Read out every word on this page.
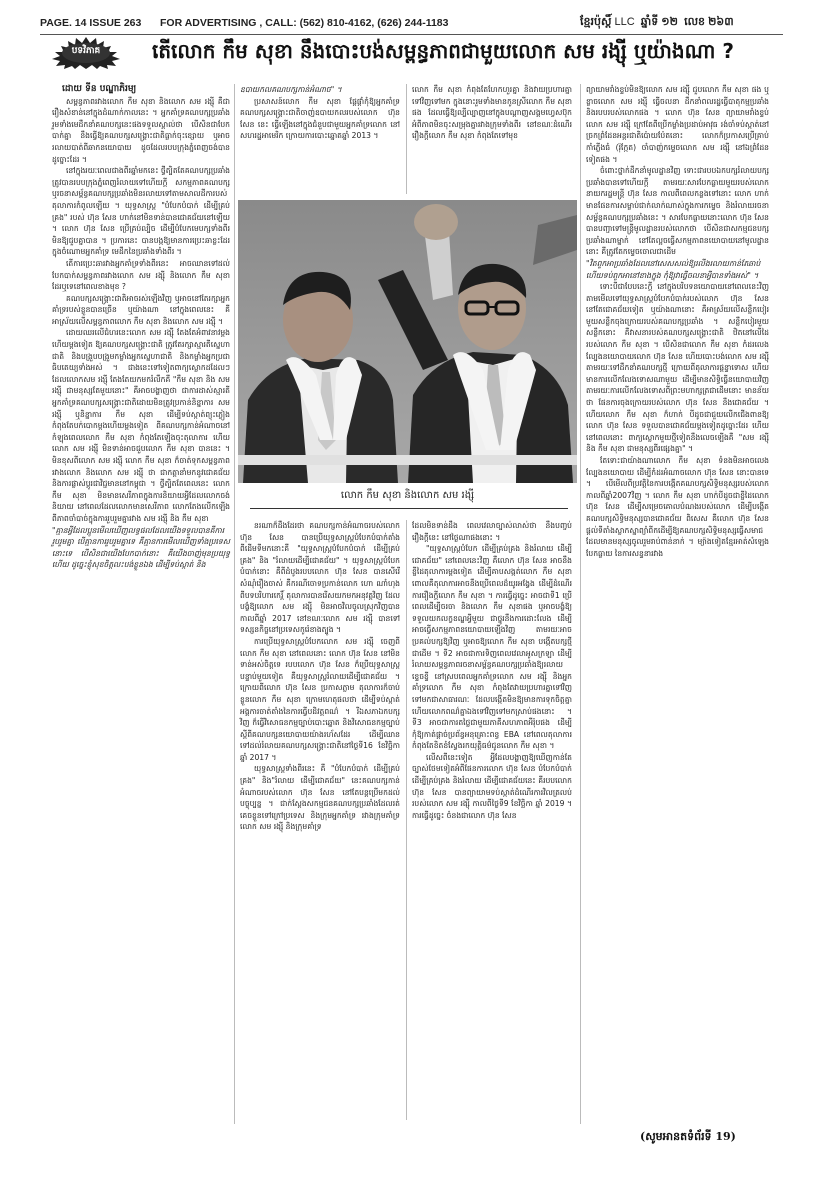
PAGE. 14 ISSUE 263	FOR ADVERTISING , CALL: (562) 810-4162, (626) 244-1183	ខ្មែរប៉ុស្តិ៍ LLC ឆ្នាំទី ១២ លេខ ២៦៣
បទវិភាគ	តើលោក កឹម សុខា នឹងបោះបង់សម្ពន្ធភាពជាមួយលោក សម រង្ស៊ី ឬយ៉ាងណា ?

ដោយ ទីន បណ្ឌាភិរម្យ

សម្ពន្ធភាពរវាងលោក កឹម សុខា និងលោក សម រង្ស៊ី គឺជារឿងសំខាន់នៅក្នុងដំណាក់កាលនេះ ។ អ្នកគាំទ្រគណបក្សប្រឆាំង រួមទាំងមេដឹកនាំគណបក្សនេះផងទទួលស្គាល់ថា បើសិនជាបែកបាក់គ្នា នឹងធ្វើឱ្យគណបក្សសង្គ្រោះជាតិធ្លាក់ចុះខ្សោយ ឬអាចរលាយបាត់ពីឆាកនយោបាយ ដូចដែលរបបក្រុងភ្នំពេញចង់បានដូច្នោះដែរ ។

នៅក្នុងរយៈពេលជាងពីរឆ្នាំមកនេះ ថ្វីត្បិតតែគណបក្សប្រឆាំងត្រូវបានរបបក្រុងភ្នំពេញរំលាយទៅហើយក្តី សកម្មភាពគណបក្ស ឬរចនាសម្ព័ន្ធគណបក្សប្រឆាំងមិនរលាយទៅតាមសាលដីការបស់តុលាការកំពូលឡើយ ។ យុទ្ធសាស្ត្រ "បំបែកបំបាក់ ដើម្បីគ្រប់គ្រង" របស់ ហ៊ុន សែន ហាក់នៅមិនទាន់បានជោគជ័យនៅឡើយ ។ លោក ហ៊ុន សែន ប្រើគ្រប់ល្បិច ដើម្បីបំបែកមេបក្សទាំងពីរមិនឱ្យជួបគ្នាបាន ។ ប្រការនេះ បានបង្កឱ្យមានការប្រេះឆាខ្លះដែរ ក្នុងចំណោមអ្នកគាំទ្រ មេដឹកនៃប្រឆាំងទាំងពីរ ។

តើការប្រេះឆារវាងអ្នកគាំទ្រទាំងពីរនេះ អាចឈានទៅដល់បែកបាក់សម្ពន្ធភាពរវាងលោក សម រង្ស៊ី និងលោក កឹម សុខា ដែរឬទេនៅពេលខាងមុខ ?

គណបក្សសង្គ្រោះជាតិអាចរស់ឡើងវិញ ឬអាចនៅតែរក្សាអ្នកគាំទ្ររបស់ខ្លួនបានច្រើន ឬយ៉ាងណា នៅក្នុងពេលនេះ គឺអាស្រ័យលើសម្ពន្ធភាពលោក កឹម សុខា និងលោក សម រង្ស៊ី ។

ដោយឈរលើជំហរនេះលោក សម រង្ស៊ី តែងតែអំពាវនាវម្តងហើយម្តងទៀត ឱ្យគណបក្សសង្គ្រោះជាតិ ត្រូវតែរក្សាស្មារតីស្នេហាជាតិ និងបង្រួបបង្រួមកម្លាំងអ្នកស្នេហាជាតិ និងកម្លាំងអ្នកប្រជាធិបតេយ្យទាំងអស់ ។ ជាងនេះទៅទៀតពាក្យស្លោកដដែលៗ ដែលលោកសម រង្ស៊ី តែងតែយកមករំលឹកគឺ "កឹម សុខា និង សម រង្ស៊ី ជាមនុស្សតែមួយនោះ" គឺអាចបង្ហាញថា ជាការដាស់ស្មារតីអ្នកគាំទ្រគណបក្សសង្គ្រោះជាតិដោយមិនត្រូវប្រកាន់និន្នាការ សម រង្ស៊ី ឬនិន្នាការ កឹម សុខា ដើម្បីទប់ស្កាត់ព្យុះភ្លៀងកំពុងតែបក់បោកម្តងហើយម្តងទៀត ពីគណបក្សកាន់អំណាចនៅកំឡុងពេលលោក កឹម សុខា កំពុងតែឡើងចុះតុលាការ ហើយលោក សម រង្ស៊ី មិនទាន់អាចជួបលោក កឹម សុខា បាននេះ ។ មិនខុសពីលោក សម រង្ស៊ី លោក កឹម សុខា ក៏ចាត់ទុកសម្ពន្ធភាពរវាងលោក និងលោក សម រង្ស៊ី ថា ជាកត្តានាំមកនូវជោគជ័យ និងការផ្លាស់ប្តូរជាវិជ្ជមាននៅកម្ពុជា ។ ថ្វីត្បិតតែពេលនេះ លោក កឹម សុខា មិនមានសេរីភាពក្នុងការនិយាយអ្វីដែលលោកចង់និយាយ នៅពេលដែលលោកមានសេរីភាព លោកតែងលើកឡើងពីភាពចាំបាច់ក្នុងការរួបរួមគ្នារវាង សម រង្ស៊ី និង កឹម សុខា

"គ្មានអ្វីដែលប្អូនមើលឃើញលទ្ធផលដែលយើងទទួលបានគឺការរួបរួមគ្នា បើគ្មានការរួបរួមគ្នាទេ គឺគ្មានការមើលឃើញទាំងប្រទេសនោះទេ បើសិនជាយើងបែកបាក់នោះ គឺយើងចាញ់មុនប្រយុទ្ធហើយ ដូច្នេះខ្ញុំសុខចិត្តលះបង់ខ្លួនឯង ដើម្បីទប់ស្កាត់ និង

ឧបាយកលគណបក្សកាន់អំណាច" ។

ប្រសាសន៍លោក កឹម សុខា ផ្តែផ្តាំកុំឱ្យអ្នកគាំទ្រគណបក្សសង្គ្រោះជាតិចាញ់ឧបាយកលរបស់លោក ហ៊ុន សែន នេះ ធ្វើឡើងនៅក្នុងជំនួបជាមួយអ្នកគាំទ្រលោក នៅសហរដ្ឋអាមេរិក ក្រោយការបោះឆ្នោតឆ្នាំ 2013 ។

លោក កឹម សុខា កំពុងតែហែកហួរគ្នា និងវាយប្រហារគ្នាទៅវិញទៅមក ក្នុងនោះរួមទាំងមានកូនស្រីលោក កឹម សុខា ផង ដែលធ្វើឱ្យល្បីល្បាញនៅក្នុងបណ្តាញសង្គមហ្វេសប៊ុកអំពីភាពមិនចុះសម្រុងគ្នារវាងក្រុមទាំងពីរ នៅខណៈដំណើររឿងក្តីលោក កឹម សុខា កំពុងតែទៅមុខ

លោក កឹម សុខា និងលោក សម រង្ស៊ី

នរណាក៏ដឹងដែរថា គណបក្សកាន់អំណាចរបស់លោក ហ៊ុន សែន បានប្រើយុទ្ធសាស្ត្របំបែកបំបាក់តាំងពីដើមទីមកនោះគឺ "យុទ្ធសាស្ត្របំបែកបំបាក់ ដើម្បីគ្រប់គ្រង" និង "រំលាយដើម្បីជោគជ័យ" ។ យុទ្ធសាស្ត្របំបែកបំបាក់នោះ គឺពីដំបូងរបបលោក ហ៊ុន សែន បានសើរើសំណុំរឿងចាស់ គឺករណីចោទប្រកាន់លោក ហោ ណាំហុង ពីបទបរិហារកេរ្តិ៍ តុលាការបានរើសយកមកអនុវត្តវិញ ដែលបង្ខំឱ្យលោក សម រង្ស៊ី មិនអាចវិលចូលស្រុកវិញបានកាលពីឆ្នាំ 2017 នៅខណៈលោក សម រង្ស៊ី បានទៅទស្សនកិច្ចនៅប្រទេសកូរ៉េខាងត្បូង ។

ការប្រើយុទ្ធសាស្ត្របំបែកលោក សម រង្ស៊ី ចេញពីលោក កឹម សុខា នៅពេលនោះ លោក ហ៊ុន សែន នៅមិនទាន់អស់ចិត្តទេ របបលោក ហ៊ុន សែន ក៏ប្រើយុទ្ធសាស្ត្របន្ទាប់មួយទៀត គឺយុទ្ធសាស្ត្ររំលាយដើម្បីជោគជ័យ ។ ក្រោយពីលោក ហ៊ុន សែន ប្រកាសភ្លាម តុលាការក៏ចាប់ខ្លួនលោក កឹម សុខា ក្រោមហេតុផលថា ដើម្បីទប់ស្កាត់អង្គការចាត់តាំងនៃការធ្វើបដិវត្តពណ៌ ។ រីឯសភាឯកបក្សវិញ ក៏ធ្វើវិសោធនកម្មច្បាប់បោះឆ្នោត និងវិសោធនកម្មច្បាប់ ស្តីពីគណបក្សនយោបាយយ៉ាងរហ័សដែរ ដើម្បីឈានទៅដល់រំលាយគណបក្សសង្គ្រោះជាតិនៅថ្ងៃទី16 ខែវិច្ឆិកា ឆ្នាំ 2017 ។

យុទ្ធសាស្ត្រទាំងពីរនេះ គឺ "បំបែកបំបាក់ ដើម្បីគ្រប់គ្រង" និង"រំលាយ ដើម្បីជោគជ័យ" នេះគណបក្សកាន់អំណាចរបស់លោក ហ៊ុន សែន នៅតែបន្តប្រើមកដល់បច្ចុប្បន្ន ។ ជាក់ស្តែងសកម្មជនគណបក្សប្រឆាំងដែលរត់គេចខ្លួនទៅក្រៅប្រទេស និងក្រុមអ្នកគាំទ្រ រវាងក្រុមគាំទ្រលោក សម រង្ស៊ី និងក្រុមគាំទ្រ

ដែលមិនទាន់ដឹង ពេលវេលាច្បាស់លាស់ថា នឹងបញ្ចប់រឿងក្តីនេះ នៅថ្ងៃណាផងនោះ ។

"យុទ្ធសាស្ត្របំបែក ដើម្បីគ្រប់គ្រង និងរំលាយ ដើម្បីជោគជ័យ" នៅពេលនេះវិញ គឺលោក ហ៊ុន សែន អាចនឹងខ្ចីដៃតុលាការម្តងទៀត ដើម្បីគាបសង្កត់លោក កឹម សុខា ពោលគឺតុលាការអាចនឹងប្រើពេលដ៏យូរអង្វែង ដើម្បីដំណើរការរឿងក្តីលោក កឹម សុខា ។ ការធ្វើដូច្នេះ អាចជាទី1 ប្រើពេលដើម្បីចរចា និងលោក កឹម សុខាផង ឬអាចបង្ខំឱ្យទទួលយកលក្ខខណ្ឌអ្វីមួយ ជាថ្នូរនឹងការដោះលែង ដើម្បីអាចធ្វើសកម្មភាពនយោបាយឡើងវិញ តាមរយៈអាចប្រគល់បក្សឱ្យវិញ ឬអាចឱ្យលោក កឹម សុខា បង្កើតបក្សថ្មីជាដើម ។ ទី2 អាចជាការទិញពេលវេលាអូសក្រឡា ដើម្បីរំលាយសម្ពន្ធភាពរចនាសម្ព័ន្ធគណបក្សប្រឆាំងឱ្យរលាយខ្ទេចខ្ទី នៅស្របពេលអ្នកគាំទ្រលោក សម រង្ស៊ី និងអ្នកគាំទ្រលោក កឹម សុខា កំពុងតែវាយប្រហារគ្នាទៅវិញទៅមកជាសាធារណៈ ដែលបង្កើតមិនឱ្យមានការទុកចិត្តគ្នា ហើយលោកពណ៌គ្នាឯងទៅវិញទៅមកស្រាប់ផងនោះ ។ ទី3 អាចជាការតថ្លៃជាមួយភាគីសហភាពអឺរ៉ុបផង ដើម្បីកុំឱ្យកាត់ផ្តាច់ប្រព័ន្ធអនុគ្រោះពន្ធ EBA នៅពេលតុលាការកំពុងតែខិតខំស្វែងរកយុត្តិធម៌ជូនលោក កឹម សុខា ។

លើសពីនេះទៀត អ្វីដែលបង្ហាញឱ្យឃើញកាន់តែច្បាស់ថែមទៀតអំពីផែនការលោក ហ៊ុន សែន បំបែកបំបាក់ ដើម្បីគ្រប់គ្រង និងរំលាយ ដើម្បីជោគជ័យនេះ គឺរបបលោក ហ៊ុន សែន បានព្យាយាមទប់ស្កាត់ដំណើរការវិលត្រលប់របស់លោក សម រង្ស៊ី កាលពីថ្ងៃទី9 ខែវិច្ឆិកា ឆ្នាំ 2019 ។ ការធ្វើដូច្នេះ ចំនងជាលោក ហ៊ុន សែន

ព្យាយាមរាំងខ្ទប់មិនឱ្យលោក សម រង្ស៊ី ជួបលោក កឹម សុខា ផង ឬខ្លាចលោក សម រង្ស៊ី ធ្វើចលនា ដឹកនាំពលរដ្ឋធ្វើបាតុកម្មប្រឆាំង និងរបបរបស់លោកផង ។ លោក ហ៊ុន សែន ព្យាយាមរាំងខ្ទប់លោក សម រង្ស៊ី ក្រៅតែពីប្រើកម្លាំងប្រដាប់អាវុធ រង់ចាំទប់ស្កាត់នៅច្រកព្រំដែនអន្តរជាតិប៉ោយប៉ែតនោះ លោកក៏ប្រកាសប្រើគ្រាប់កាំភ្លើងធំ (រ៉ុក្កែត) ចាំបាញ់កម្ទេចលោក សម រង្ស៊ី នៅឯព្រំដែនទៀតផង ។

ចំពោះថ្នាក់ដឹកនាំមូលដ្ឋានវិញ ទោះជារបបឯកបក្សរំលាយបក្សប្រឆាំងបានទៅហើយក្តី តាមរយៈសារបែកធ្លាយមួយរបស់លោកនាយករដ្ឋមន្ត្រី ហ៊ុន សែន កាលពីពេលកន្លងទៅនោះ លោក ហាក់មានផែនការសម្លាប់ជាក់លាក់ណាស់ក្នុងការកម្ទេច និងរំលាយរចនាសម្ព័ន្ធគណបក្សប្រឆាំងនេះ ។ សារបែកធ្លាយនោះលោក ហ៊ុន សែន បានបញ្ជាទៅមន្ត្រីមូលដ្ឋានរបស់លោកថា បើសិនជាសកម្មជនបក្សប្រឆាំងណាម្នាក់ នៅតែល្អចធ្វើសកម្មភាពនយោបាយនៅមូលដ្ឋាននោះ គឺត្រូវតែកម្ទេចចោលជាដើម

"វិតពួកអាប្រឆាំងដែលនៅសេសសល់ឱ្យរលីងរលាយកាន់តែឆាប់ ហើយទប់ពួកអានៅខាងក្នុង កុំឱ្យវាធ្វើចលនាអ្វីបានទាំងអស់" ។

ទោះបីជាបែបនេះក្តី នៅក្នុងបរិបទនយោបាយនៅពេលនេះវិញ តាមមើលទៅយុទ្ធសាស្ត្របំបែកបំបាក់របស់លោក ហ៊ុន សែន នៅតែជោគជ័យទៀត ឬយ៉ាងណានោះ គឺអាស្រ័យលើសន្លឹកបៀរមួយសន្លឹកចុងក្រោយរបស់គណបក្សប្រឆាំង ។ សន្លឹកបៀរមួយសន្លឹកនោះ គឺវាសនារបស់គណបក្សសង្គ្រោះជាតិ ឋិតនៅលើដៃរបស់លោក កឹម សុខា ។ បើសិនជាលោក កឹម សុខា កំដរលេងល្បែងនយោបាយលោក ហ៊ុន សែន ហើយបោះបង់លោក សម រង្ស៊ី តាមរយៈទៅដឹកនាំគណបក្សថ្មី ក្រោយពីតុលាការផ្តន្ទាទោស ហើយមានការលើកលែងទោសណាមួយ ដើម្បីមានសិទ្ធិធ្វើនយោបាយវិញ តាមរយៈការលើកលែងទោសពីព្រះមហាក្សត្រជាដើមនោះ មានន័យ ថា ផែនការចុងក្រោយរបស់លោក ហ៊ុន សែន នឹងជោគជ័យ ។ ហើយលោក កឹម សុខា ក៏ហាក់ បីដូចជាជួយលើកជើងពានឱ្យលោក ហ៊ុន សែន ទទួលបានជោគជ័យម្តងទៀតដូច្នោះដែរ ហើយនៅពេលនោះ ពាក្យស្លោកមួយថ្មីទៀតនឹងលេចឡើងគឺ "សម រង្ស៊ី និង កឹម សុខា ជាមនុស្សពីរផ្សេងគ្នា" ។

តែទោះជាយ៉ាងណាលោក កឹម សុខា ទំនងមិនអាចលេងល្បែងនយោបាយ ដើម្បីកំដរអំណាចលោក ហ៊ុន សែន នោះបានទេ ។ បើមើលពីប្រវត្តិនៃការបង្កើតគណបក្សសិទ្ធិមនុស្សរបស់លោក កាលពីឆ្នាំ2007វិញ ។ លោក កឹម សុខា ហាក់បីដូចជាខ្ចីដៃលោក ហ៊ុន សែន ដើម្បីសម្រេចគោលបំណងរបស់លោក ដើម្បីបង្កើតគណបក្សសិទ្ធិមនុស្សបានជោគជ័យ ពិសេស គឺលោក ហ៊ុន សែន ផ្តល់ទីតាំងស្លាកស្នាព្យាំពីកដើម្បីឱ្យគណបក្សសិទ្ធិមនុស្សធ្វើសមាជ ដែលមានមនុស្សចូលរួមរាប់ពាន់នាក់ ។ ម្យ៉ាងទៀតខ្មែរអាត់សំឡេងបែកធ្លាយ នៃការសន្ទនារវាង

(សូមអានតទំព័រទី 19)
